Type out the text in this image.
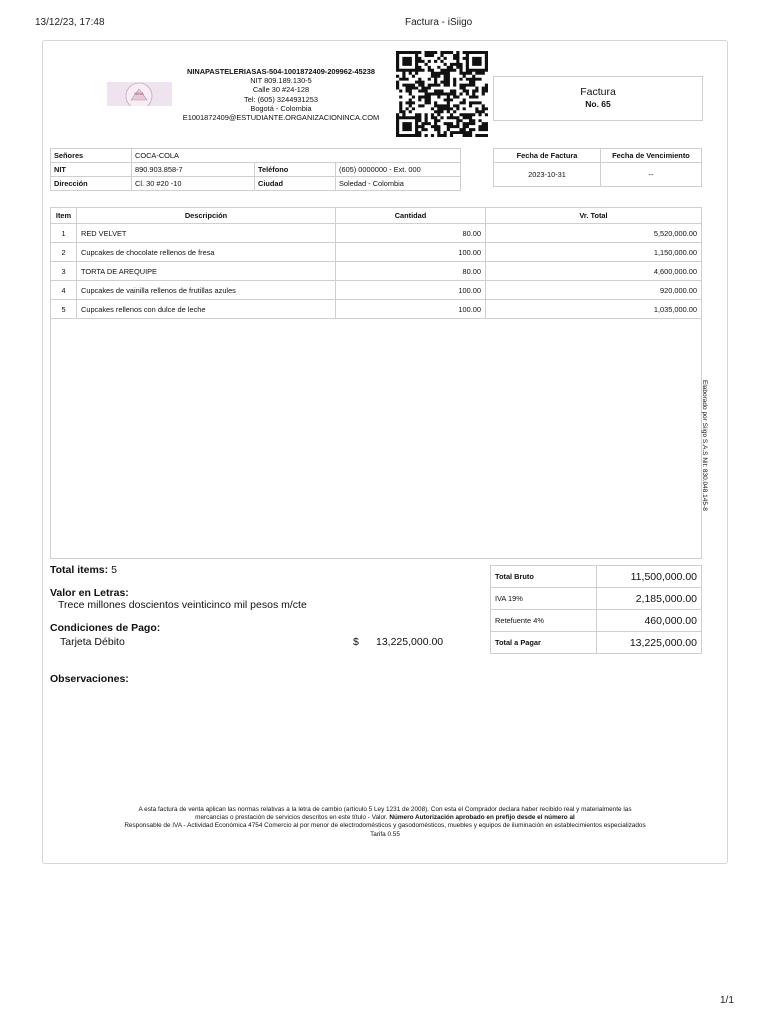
13/12/23, 17:48	Factura - iSiigo
1/1
NINA
NINAPASTELERIASAS-504-1001872409-209962-45238
NIT 809.189.130-5
Calle 30 #24-128
Tel: (605) 3244931253
Bogotá - Colombia
E1001872409@ESTUDIANTE.ORGANIZACIONINCA.COM
Factura
No. 65
Señores	COCA-COLA		
NIT	890.903.858-7	Teléfono	(605) 0000000 - Ext. 000
Dirección	Cl. 30 #20 -10	Ciudad	Soledad - Colombia
Fecha de Factura	Fecha de Vencimiento
2023-10-31	--
Item	Descripción	Cantidad	Vr. Total
1	RED VELVET	80.00	5,520,000.00
2	Cupcakes de chocolate rellenos de fresa	100.00	1,150,000.00
3	TORTA DE AREQUIPE	80.00	4,600,000.00
4	Cupcakes de vainilla rellenos de frutillas azules	100.00	920,000.00
5	Cupcakes rellenos con dulce de leche	100.00	1,035,000.00
Elaborado por Siigo S.A.S Nit: 830.048.145-8
Total items: 5
Valor en Letras:
Trece millones doscientos veinticinco mil pesos m/cte
Condiciones de Pago:
Tarjeta Débito	$ 13,225,000.00
Observaciones:
Total Bruto	11,500,000.00
IVA 19%	2,185,000.00
Retefuente 4%	460,000.00
Total a Pagar	13,225,000.00
A esta factura de venta aplican las normas relativas a la letra de cambio (artículo 5 Ley 1231 de 2008). Con esta el Comprador declara haber recibido real y materialmente las
mercancías o prestación de servicios descritos en este título - Valor. Número Autorización aprobado en prefijo desde el número al
Responsable de IVA - Actividad Económica 4754 Comercio al por menor de electrodomésticos y gasodomésticos, muebles y equipos de iluminación en establecimientos especializados
Tarifa 0.55
